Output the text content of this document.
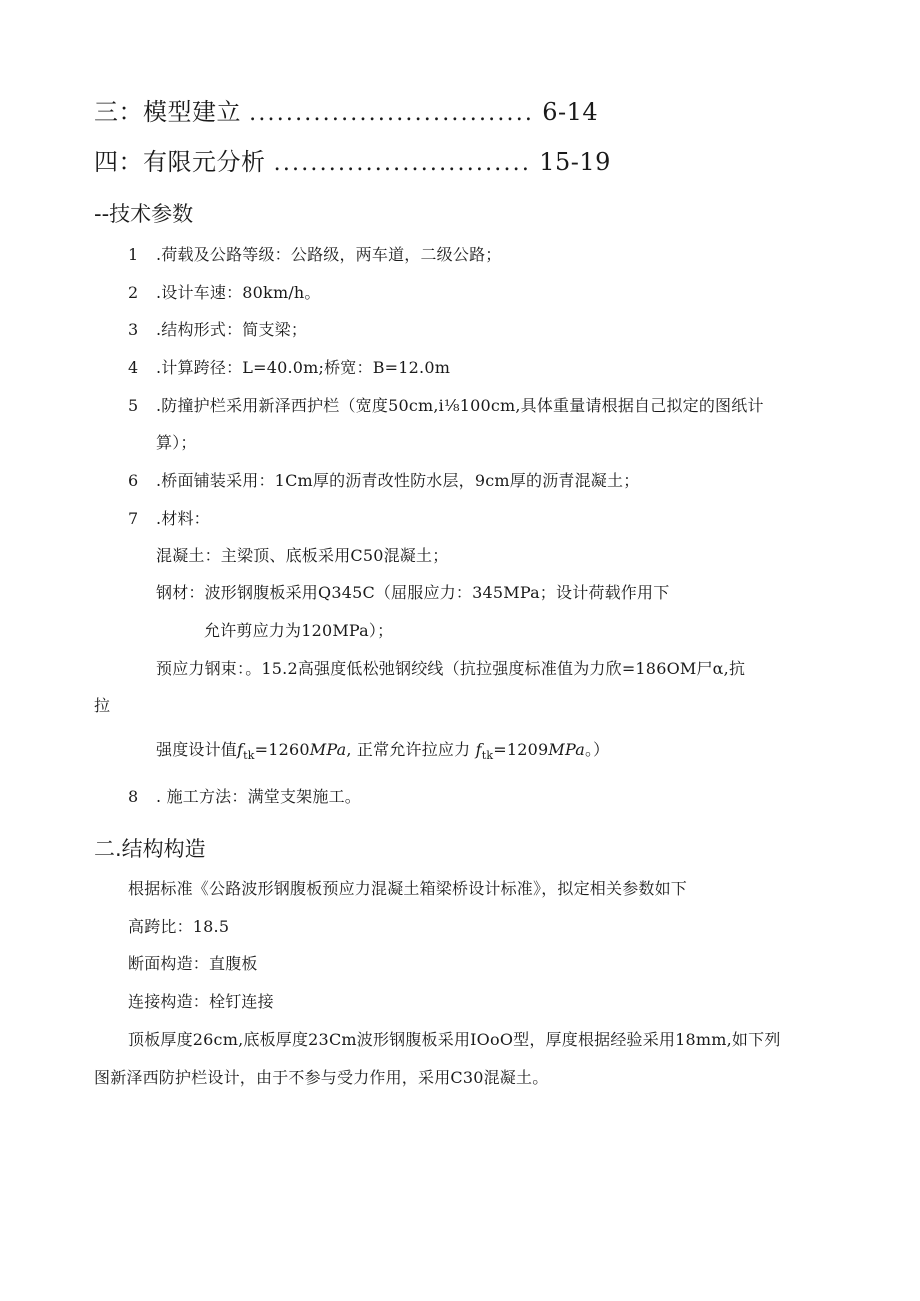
三：模型建立 ............................... 6-14
四：有限元分析 ............................ 15-19
--技术参数
1 .荷载及公路等级：公路级，两车道，二级公路；
2 .设计车速：80km∕h。
3 .结构形式：简支梁；
4 .计算跨径：L=40.0m;桥宽：B=12.0m
5 .防撞护栏采用新泽西护栏（宽度50cm,i⅛100cm,具体重量请根据自己拟定的图纸计
算）；
6 .桥面铺装采用：1Cm厚的沥青改性防水层，9cm厚的沥青混凝土；
7 .材料：
混凝土：主梁顶、底板采用C50混凝土；
钢材：波形钢腹板采用Q345C（屈服应力：345MPa；设计荷载作用下
允许剪应力为120MPa）；
预应力钢束：。15.2高强度低松弛钢绞线（抗拉强度标准值为力欣=186OM尸α,抗
拉
强度设计值$f_{tk}=1260MPa$, 正常允许拉应力 $f_{tk}=1209MPa$。）
8 . 施工方法：满堂支架施工。
二.结构构造
根据标准《公路波形钢腹板预应力混凝土箱梁桥设计标准》，拟定相关参数如下
高跨比：18.5
断面构造：直腹板
连接构造：栓钉连接
顶板厚度26cm,底板厚度23Cm波形钢腹板采用IOoO型，厚度根据经验采用18mm,如下列
图新泽西防护栏设计，由于不参与受力作用，采用C30混凝土。
